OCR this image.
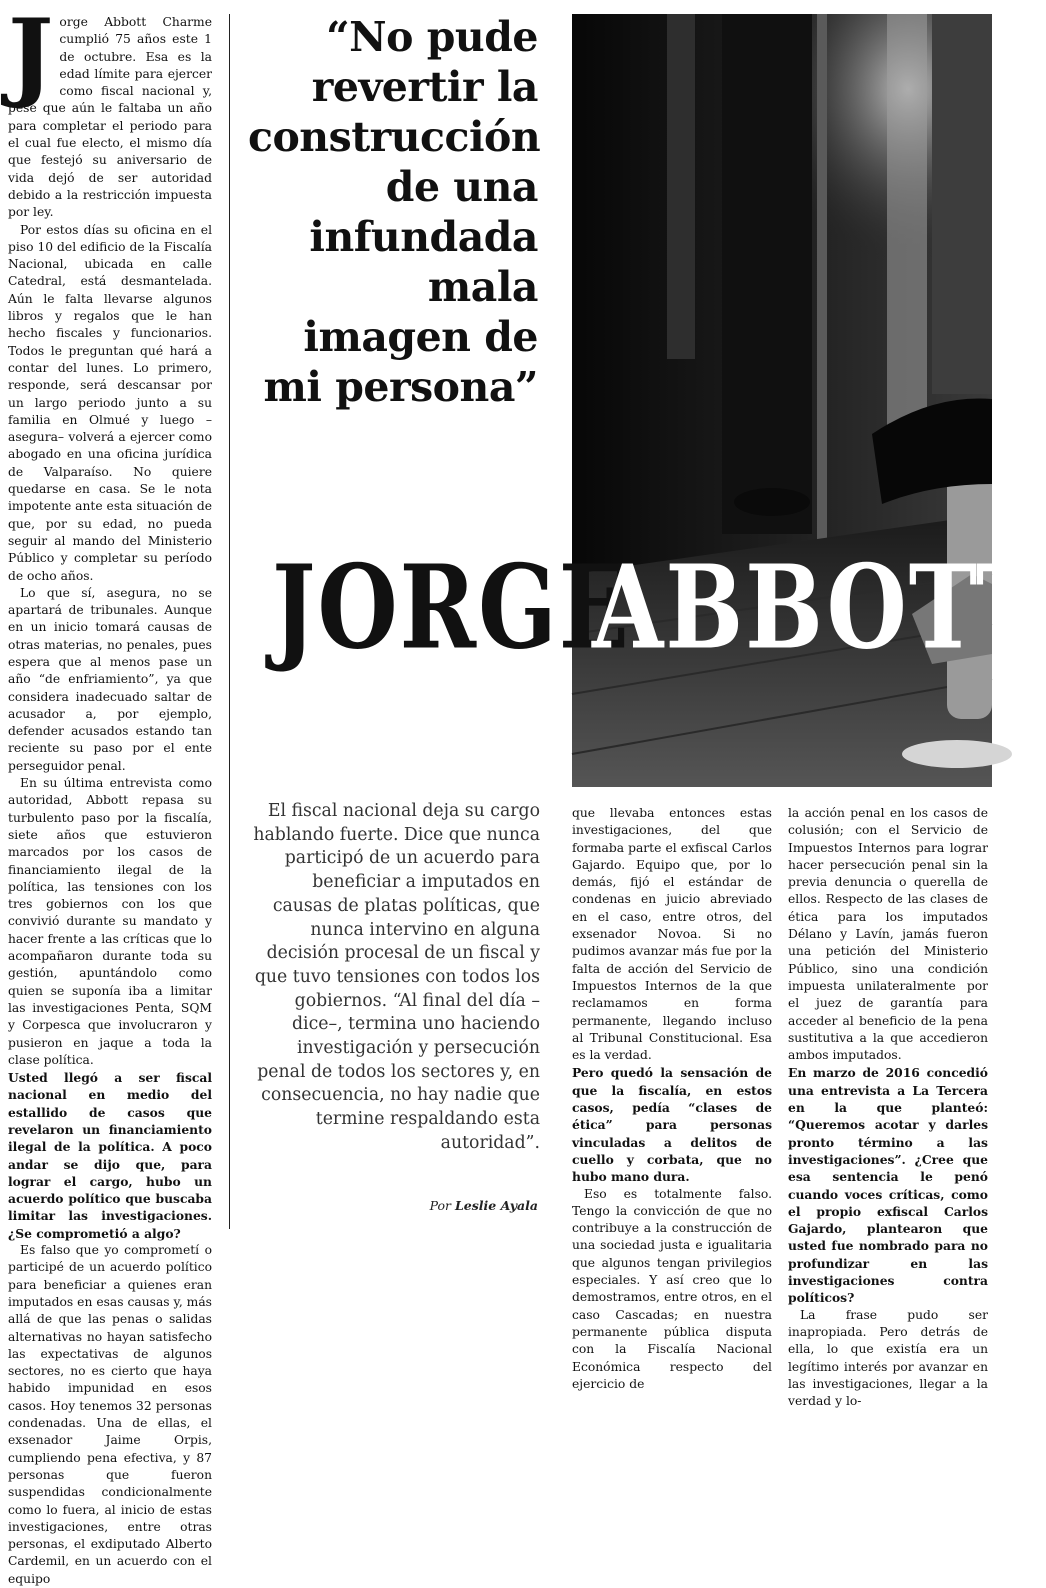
J orge Abbott Charme cumplió 75 años este 1 de octubre. Esa es la edad límite para ejercer como fiscal nacional y, pese que aún le faltaba un año para completar el periodo para el cual fue electo, el mismo día que festejó su aniversario de vida dejó de ser autoridad debido a la restricción impuesta por ley.

Por estos días su oficina en el piso 10 del edificio de la Fiscalía Nacional, ubicada en calle Catedral, está desmantelada. Aún le falta llevarse algunos libros y regalos que le han hecho fiscales y funcionarios. Todos le preguntan qué hará a contar del lunes. Lo primero, responde, será descansar por un largo periodo junto a su familia en Olmué y luego –asegura– volverá a ejercer como abogado en una oficina jurídica de Valparaíso. No quiere quedarse en casa. Se le nota impotente ante esta situación de que, por su edad, no pueda seguir al mando del Ministerio Público y completar su período de ocho años.

Lo que sí, asegura, no se apartará de tribunales. Aunque en un inicio tomará causas de otras materias, no penales, pues espera que al menos pase un año “de enfriamiento”, ya que considera inadecuado saltar de acusador a, por ejemplo, defender acusados estando tan reciente su paso por el ente perseguidor penal.

En su última entrevista como autoridad, Abbott repasa su turbulento paso por la fiscalía, siete años que estuvieron marcados por los casos de financiamiento ilegal de la política, las tensiones con los tres gobiernos con los que convivió durante su mandato y hacer frente a las críticas que lo acompañaron durante toda su gestión, apuntándolo como quien se suponía iba a limitar las investigaciones Penta, SQM y Corpesca que involucraron y pusieron en jaque a toda la clase política.

Usted llegó a ser fiscal nacional en medio del estallido de casos que revelaron un financiamiento ilegal de la política. A poco andar se dijo que, para lograr el cargo, hubo un acuerdo político que buscaba limitar las investigaciones. ¿Se comprometió a algo?

Es falso que yo comprometí o participé de un acuerdo político para beneficiar a quienes eran imputados en esas causas y, más allá de que las penas o salidas alternativas no hayan satisfecho las expectativas de algunos sectores, no es cierto que haya habido impunidad en esos casos. Hoy tenemos 32 personas condenadas. Una de ellas, el exsenador Jaime Orpis, cumpliendo pena efectiva, y 87 personas que fueron suspendidas condicionalmente como lo fuera, al inicio de estas investigaciones, entre otras personas, el exdiputado Alberto Cardemil, en un acuerdo con el equipo

“No pude revertir la construcción de una infundada mala imagen de mi persona”
JORGE
ABBOTT
El fiscal nacional deja su cargo hablando fuerte. Dice que nunca participó de un acuerdo para beneficiar a imputados en causas de platas políticas, que nunca intervino en alguna decisión procesal de un fiscal y que tuvo tensiones con todos los gobiernos. “Al final del día –dice–, termina uno haciendo investigación y persecución penal de todos los sectores y, en consecuencia, no hay nadie que termine respaldando esta autoridad”.
Por Leslie Ayala

que llevaba entonces estas investigaciones, del que formaba parte el exfiscal Carlos Gajardo. Equipo que, por lo demás, fijó el estándar de condenas en juicio abreviado en el caso, entre otros, del exsenador Novoa. Si no pudimos avanzar más fue por la falta de acción del Servicio de Impuestos Internos de la que reclamamos en forma permanente, llegando incluso al Tribunal Constitucional. Esa es la verdad.

Pero quedó la sensación de que la fiscalía, en estos casos, pedía “clases de ética” para personas vinculadas a delitos de cuello y corbata, que no hubo mano dura.

Eso es totalmente falso. Tengo la convicción de que no contribuye a la construcción de una sociedad justa e igualitaria que algunos tengan privilegios especiales. Y así creo que lo demostramos, entre otros, en el caso Cascadas; en nuestra permanente pública disputa con la Fiscalía Nacional Económica respecto del ejercicio de

la acción penal en los casos de colusión; con el Servicio de Impuestos Internos para lograr hacer persecución penal sin la previa denuncia o querella de ellos. Respecto de las clases de ética para los imputados Délano y Lavín, jamás fueron una petición del Ministerio Público, sino una condición impuesta unilateralmente por el juez de garantía para acceder al beneficio de la pena sustitutiva a la que accedieron ambos imputados.

En marzo de 2016 concedió una entrevista a La Tercera en la que planteó: “Queremos acotar y darles pronto término a las investigaciones”. ¿Cree que esa sentencia le penó cuando voces críticas, como el propio exfiscal Carlos Gajardo, plantearon que usted fue nombrado para no profundizar en las investigaciones contra políticos?

La frase pudo ser inapropiada. Pero detrás de ella, lo que existía era un legítimo interés por avanzar en las investigaciones, llegar a la verdad y lo-
